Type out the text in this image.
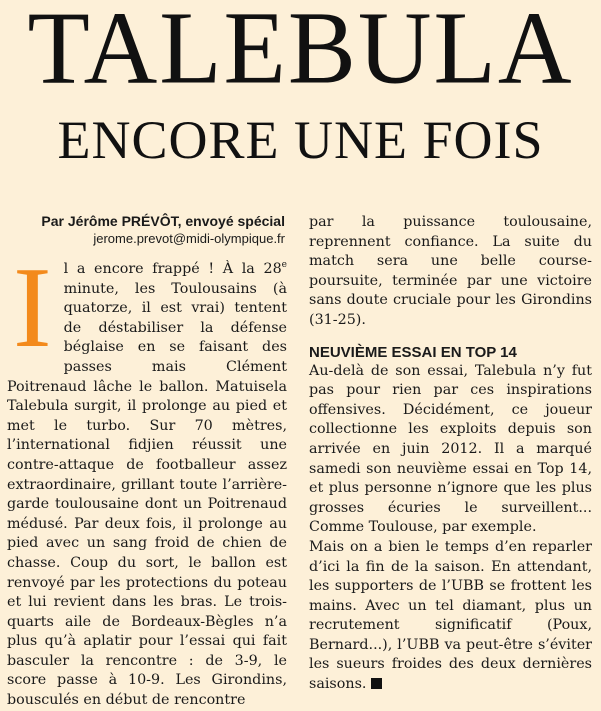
TALEBULA
ENCORE UNE FOIS
Par Jérôme PRÉVÔT, envoyé spécial
jerome.prevot@midi-olympique.fr

Il a encore frappé ! À la 28e minute, les Toulousains (à quatorze, il est vrai) tentent de déstabiliser la défense béglaise en se faisant des passes mais Clément Poitrenaud lâche le ballon. Matuisela Talebula surgit, il prolonge au pied et met le turbo. Sur 70 mètres, l’international fidjien réussit une contre-attaque de footballeur assez extraordinaire, grillant toute l’arrière-garde toulousaine dont un Poitrenaud médusé. Par deux fois, il prolonge au pied avec un sang froid de chien de chasse. Coup du sort, le ballon est renvoyé par les protections du poteau et lui revient dans les bras. Le trois-quarts aile de Bordeaux-Bègles n’a plus qu’à aplatir pour l’essai qui fait basculer la rencontre : de 3-9, le score passe à 10-9. Les Girondins, bousculés en début de rencontre

par la puissance toulousaine, reprennent confiance. La suite du match sera une belle course-poursuite, terminée par une victoire sans doute cruciale pour les Girondins (31-25).

NEUVIÈME ESSAI EN TOP 14

Au-delà de son essai, Talebula n’y fut pas pour rien par ces inspirations offensives. Décidément, ce joueur collectionne les exploits depuis son arrivée en juin 2012. Il a marqué samedi son neuvième essai en Top 14, et plus personne n’ignore que les plus grosses écuries le surveillent... Comme Toulouse, par exemple.

Mais on a bien le temps d’en reparler d’ici la fin de la saison. En attendant, les supporters de l’UBB se frottent les mains. Avec un tel diamant, plus un recrutement significatif (Poux, Bernard...), l’UBB va peut-être s’éviter les sueurs froides des deux dernières saisons.
